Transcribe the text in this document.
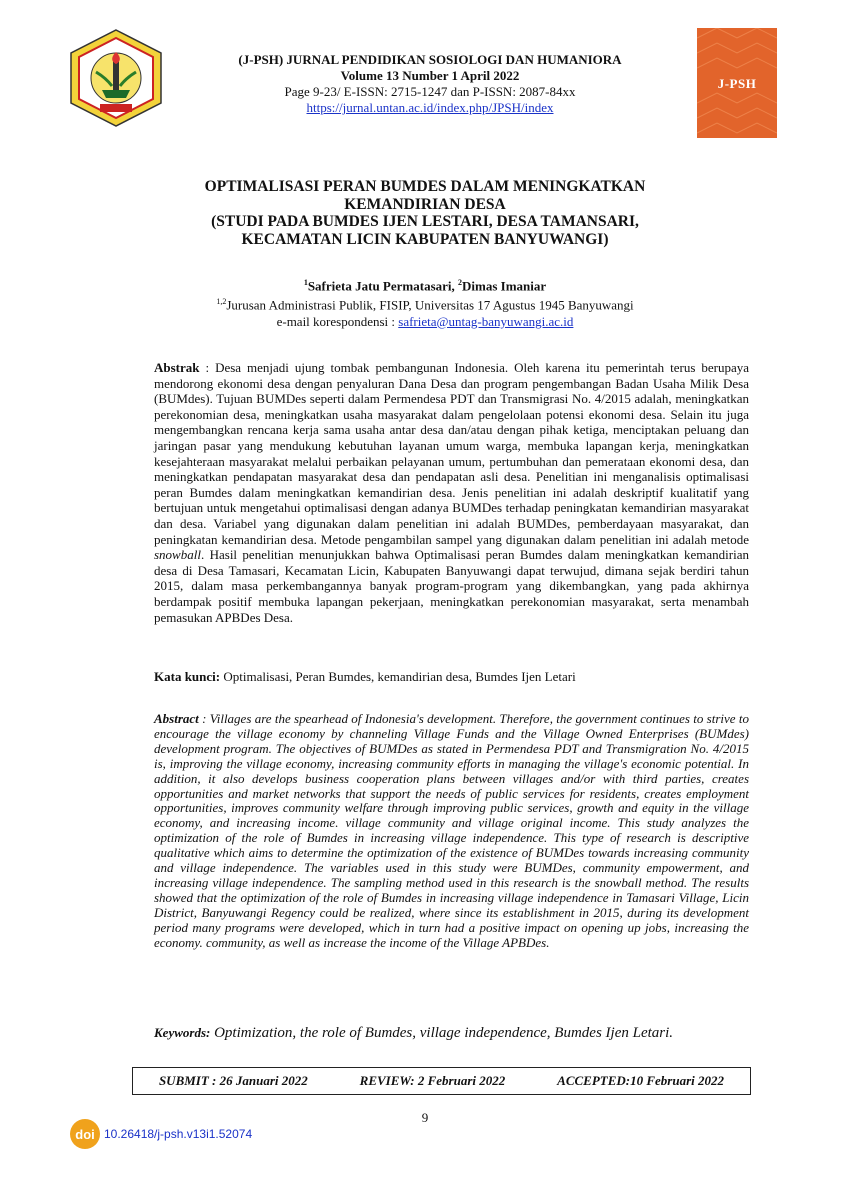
(J-PSH) JURNAL PENDIDIKAN SOSIOLOGI DAN HUMANIORA
Volume 13 Number 1 April 2022
Page 9-23/ E-ISSN: 2715-1247 dan P-ISSN: 2087-84xx
https://jurnal.untan.ac.id/index.php/JPSH/index
J-PSH
OPTIMALISASI PERAN BUMDES DALAM MENINGKATKAN
KEMANDIRIAN DESA
(STUDI PADA BUMDES IJEN LESTARI, DESA TAMANSARI,
KECAMATAN LICIN KABUPATEN BANYUWANGI)
$^1$Safrieta Jatu Permatasari, $^2$Dimas Imaniar
$^{1,2}$Jurusan Administrasi Publik, FISIP, Universitas 17 Agustus 1945 Banyuwangi
e-mail korespondensi : safrieta@untag-banyuwangi.ac.id
Abstrak : Desa menjadi ujung tombak pembangunan Indonesia. Oleh karena itu pemerintah terus berupaya mendorong ekonomi desa dengan penyaluran Dana Desa dan program pengembangan Badan Usaha Milik Desa (BUMdes). Tujuan BUMDes seperti dalam Permendesa PDT dan Transmigrasi No. 4/2015 adalah, meningkatkan perekonomian desa, meningkatkan usaha masyarakat dalam pengelolaan potensi ekonomi desa. Selain itu juga mengembangkan rencana kerja sama usaha antar desa dan/atau dengan pihak ketiga, menciptakan peluang dan jaringan pasar yang mendukung kebutuhan layanan umum warga, membuka lapangan kerja, meningkatkan kesejahteraan masyarakat melalui perbaikan pelayanan umum, pertumbuhan dan pemerataan ekonomi desa, dan meningkatkan pendapatan masyarakat desa dan pendapatan asli desa. Penelitian ini menganalisis optimalisasi peran Bumdes dalam meningkatkan kemandirian desa. Jenis penelitian ini adalah deskriptif kualitatif yang bertujuan untuk mengetahui optimalisasi dengan adanya BUMDes terhadap peningkatan kemandirian masyarakat dan desa. Variabel yang digunakan dalam penelitian ini adalah BUMDes, pemberdayaan masyarakat, dan peningkatan kemandirian desa. Metode pengambilan sampel yang digunakan dalam penelitian ini adalah metode snowball. Hasil penelitian menunjukkan bahwa Optimalisasi peran Bumdes dalam meningkatkan kemandirian desa di Desa Tamasari, Kecamatan Licin, Kabupaten Banyuwangi dapat terwujud, dimana sejak berdiri tahun 2015, dalam masa perkembangannya banyak program-program yang dikembangkan, yang pada akhirnya berdampak positif membuka lapangan pekerjaan, meningkatkan perekonomian masyarakat, serta menambah pemasukan APBDes Desa.
Kata kunci: Optimalisasi, Peran Bumdes, kemandirian desa, Bumdes Ijen Letari
Abstract : Villages are the spearhead of Indonesia's development. Therefore, the government continues to strive to encourage the village economy by channeling Village Funds and the Village Owned Enterprises (BUMdes) development program. The objectives of BUMDes as stated in Permendesa PDT and Transmigration No. 4/2015 is, improving the village economy, increasing community efforts in managing the village's economic potential. In addition, it also develops business cooperation plans between villages and/or with third parties, creates opportunities and market networks that support the needs of public services for residents, creates employment opportunities, improves community welfare through improving public services, growth and equity in the village economy, and increasing income. village community and village original income. This study analyzes the optimization of the role of Bumdes in increasing village independence. This type of research is descriptive qualitative which aims to determine the optimization of the existence of BUMDes towards increasing community and village independence. The variables used in this study were BUMDes, community empowerment, and increasing village independence. The sampling method used in this research is the snowball method. The results showed that the optimization of the role of Bumdes in increasing village independence in Tamasari Village, Licin District, Banyuwangi Regency could be realized, where since its establishment in 2015, during its development period many programs were developed, which in turn had a positive impact on opening up jobs, increasing the economy. community, as well as increase the income of the Village APBDes.
Keywords: Optimization, the role of Bumdes, village independence, Bumdes Ijen Letari.
SUBMIT : 26 Januari 2022	REVIEW: 2 Februari 2022	ACCEPTED:10 Februari 2022
9
doi 10.26418/j-psh.v13i1.52074
